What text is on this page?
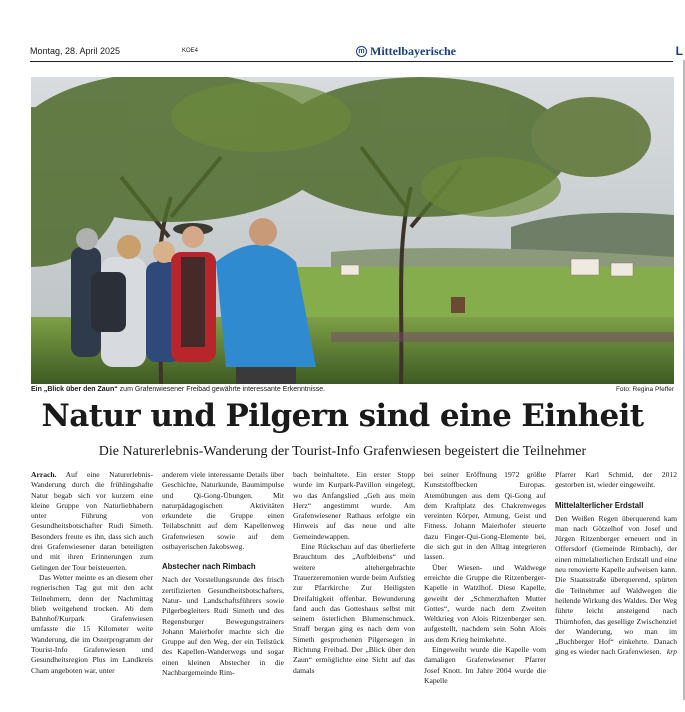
Montag, 28. April 2025	KOE4	m Mittelbayerische	L
Ein „Blick über den Zaun“ zum Grafenwiesener Freibad gewährte interessante Erkenntnisse.	Foto: Regina Pfeffer
Natur und Pilgern sind eine Einheit
Die Naturerlebnis-Wanderung der Tourist-Info Grafenwiesen begeistert die Teilnehmer

Arrach. Auf eine Naturerlebnis-Wanderung durch die frühlingshafte Natur begab sich vor kurzem eine kleine Gruppe von Naturliebhabern unter Führung von Gesundheitsbotschafter Rudi Simeth. Besonders freute es ihn, dass sich auch drei Grafenwiesener daran beteiligten und mit ihren Erinnerungen zum Gelingen der Tour beisteuerten.

Das Wetter meinte es an diesem eher regnerischen Tag gut mit den acht Teilnehmern, denn der Nachmittag blieb weitgehend trocken. Ab dem Bahnhof/Kurpark Grafenwiesen umfasste die 15 Kilometer weite Wanderung, die im Osterprogramm der Tourist-Info Grafenwiesen und Gesundheitsregion Plus im Landkreis Cham angeboten war, unter

anderem viele interessante Details über Geschichte, Naturkunde, Baumimpulse und Qi-Gong-Übungen. Mit naturpädagogischen Aktivitäten erkundete die Gruppe einen Teilabschnitt auf dem Kapellenweg Grafenwiesen sowie auf dem ostbayerischen Jakobsweg.

Abstecher nach Rimbach

Nach der Vorstellungsrunde des frisch zertifizierten Gesundheitsbotschafters, Natur- und Landschaftsführers sowie Pilgerbegleiters Rudi Simeth und des Regensburger Bewegungstrainers Johann Maierhofer machte sich die Gruppe auf den Weg, der ein Teilstück des Kapellen-Wanderwegs und sogar einen kleinen Abstecher in die Nachbargemeinde Rim-

bach beinhaltete. Ein erster Stopp wurde im Kurpark-Pavillon eingelegt, wo das Anfangslied „Geh aus mein Herz“ angestimmt wurde. Am Grafenwiesener Rathaus erfolgte ein Hinweis auf das neue und alte Gemeindewappen.

Eine Rückschau auf das überlieferte Brauchtum des „Aufbleibens“ und weitere altehergebrachte Trauerzeremonien wurde beim Aufstieg zur Pfarrkirche Zur Heiligsten Dreifaltigkeit offenbar. Bewunderung fand auch das Gotteshaus selbst mit seinem österlichen Blumenschmuck. Straff bergan ging es nach dem von Simeth gesprochenen Pilgersegen in Richtung Freibad. Der „Blick über den Zaun“ ermöglichte eine Sicht auf das damals

bei seiner Eröffnung 1972 größte Kunststoffbecken Europas. Atemübungen aus dem Qi-Gong auf dem Kraftplatz des Chakrenweges vereinten Körper, Atmung, Geist und Fitness. Johann Maierhofer steuerte dazu Finger-Qui-Gong-Elemente bei, die sich gut in den Alltag integrieren lassen.

Über Wiesen- und Waldwege erreichte die Gruppe die Ritzenberger-Kapelle in Watzlhof. Diese Kapelle, geweiht der „Schmerzhaften Mutter Gottes“, wurde nach dem Zweiten Weltkrieg von Alois Ritzenberger sen. aufgestellt, nachdem sein Sohn Alois aus dem Krieg heimkehrte.

Eingeweiht wurde die Kapelle vom damaligen Grafenwiesener Pfarrer Josef Knott. Im Jahre 2004 wurde die Kapelle

Pfarrer Karl Schmid, der 2012 gestorben ist, wieder eingeweiht.

Mittelalterlicher Erdstall

Den Weißen Regen überquerend kam man nach Götzelhof von Josef und Jürgen Ritzenberger erneuert und in Offersdorf (Gemeinde Rimbach), der einen mittelalterlichen Erdstall und eine neu renovierte Kapelle aufweisen kann. Die Staatsstraße überquerend, spürten die Teilnehmer auf Waldwegen die heilende Wirkung des Waldes. Der Weg führte leicht ansteigend nach Thürnhofen, das gesellige Zwischenziel der Wanderung, wo man im „Buchberger Hof“ einkehrte. Danach ging es wieder nach Grafenwiesen. krp
